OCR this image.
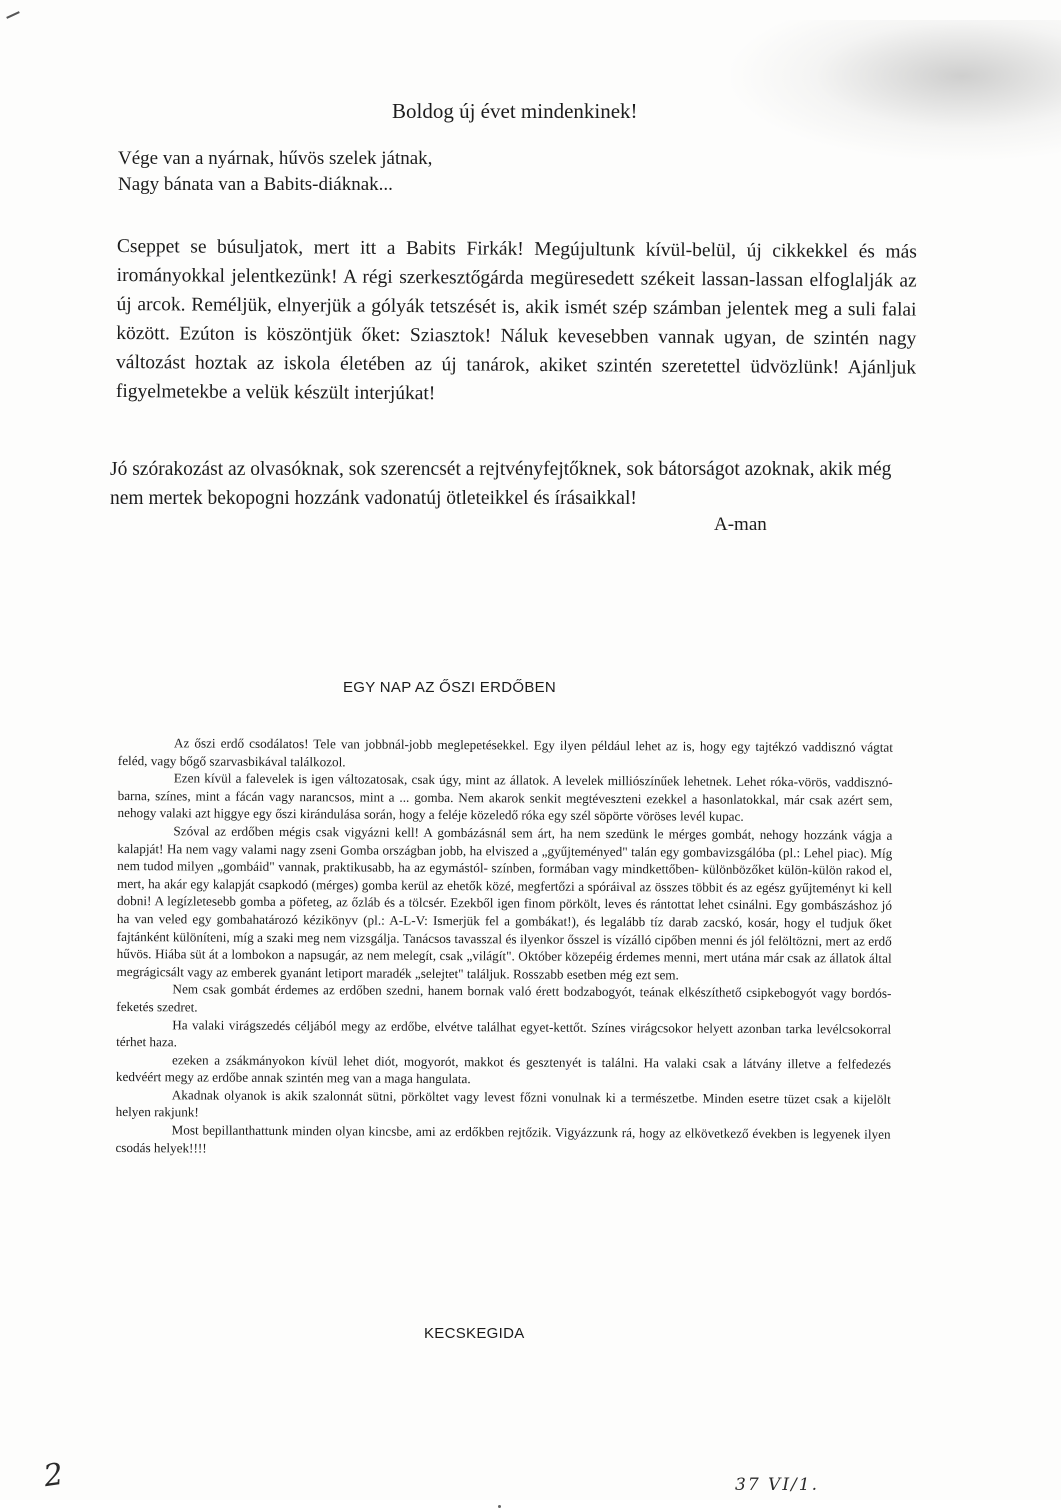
Boldog új évet mindenkinek!
Vége van a nyárnak, hűvös szelek játnak,
Nagy bánata van a Babits-diáknak...
Cseppet se búsuljatok, mert itt a Babits Firkák! Megújultunk kívül-belül, új cikkekkel és más irományokkal jelentkezünk! A régi szerkesztőgárda megüresedett székeit lassan-lassan elfoglalják az új arcok. Reméljük, elnyerjük a gólyák tetszését is, akik ismét szép számban jelentek meg a suli falai között. Ezúton is köszöntjük őket: Sziasztok! Náluk kevesebben vannak ugyan, de szintén nagy változást hoztak az iskola életében az új tanárok, akiket szintén szeretettel üdvözlünk! Ajánljuk figyelmetekbe a velük készült interjúkat!
Jó szórakozást az olvasóknak, sok szerencsét a rejtvényfejtőknek, sok bátorságot azoknak, akik még nem mertek bekopogni hozzánk vadonatúj ötleteikkel és írásaikkal!
A-man
EGY NAP AZ ŐSZI ERDŐBEN

Az őszi erdő csodálatos! Tele van jobbnál-jobb meglepetésekkel. Egy ilyen például lehet az is, hogy egy tajtékzó vaddisznó vágtat feléd, vagy bőgő szarvasbikával találkozol.

Ezen kívül a falevelek is igen változatosak, csak úgy, mint az állatok. A levelek milliószínűek lehetnek. Lehet róka-vörös, vaddisznó-barna, színes, mint a fácán vagy narancsos, mint a ... gomba. Nem akarok senkit megtéveszteni ezekkel a hasonlatokkal, már csak azért sem, nehogy valaki azt higgye egy őszi kirándulása során, hogy a feléje közeledő róka egy szél söpörte vöröses levél kupac.

Szóval az erdőben mégis csak vigyázni kell! A gombázásnál sem árt, ha nem szedünk le mérges gombát, nehogy hozzánk vágja a kalapját! Ha nem vagy valami nagy zseni Gomba országban jobb, ha elviszed a „gyűjteményed" talán egy gombavizsgálóba (pl.: Lehel piac). Míg nem tudod milyen „gombáid" vannak, praktikusabb, ha az egymástól- színben, formában vagy mindkettőben- különbözőket külön-külön rakod el, mert, ha akár egy kalapját csapkodó (mérges) gomba kerül az ehetők közé, megfertőzi a spóráival az összes többit és az egész gyűjteményt ki kell dobni! A legízletesebb gomba a pöfeteg, az őzláb és a tölcsér. Ezekből igen finom pörkölt, leves és rántottat lehet csinálni. Egy gombászáshoz jó ha van veled egy gombahatározó kézikönyv (pl.: A-L-V: Ismerjük fel a gombákat!), és legalább tíz darab zacskó, kosár, hogy el tudjuk őket fajtánként különíteni, míg a szaki meg nem vizsgálja. Tanácsos tavasszal és ilyenkor ősszel is vízálló cipőben menni és jól felöltözni, mert az erdő hűvös. Hiába süt át a lombokon a napsugár, az nem melegít, csak „világít". Október közepéig érdemes menni, mert utána már csak az állatok által megrágicsált vagy az emberek gyanánt letiport maradék „selejtet" találjuk. Rosszabb esetben még ezt sem.

Nem csak gombát érdemes az erdőben szedni, hanem bornak való érett bodzabogyót, teának elkészíthető csipkebogyót vagy bordós-feketés szedret.

Ha valaki virágszedés céljából megy az erdőbe, elvétve találhat egyet-kettőt. Színes virágcsokor helyett azonban tarka levélcsokorral térhet haza.

ezeken a zsákmányokon kívül lehet diót, mogyorót, makkot és gesztenyét is találni. Ha valaki csak a látvány illetve a felfedezés kedvéért megy az erdőbe annak szintén meg van a maga hangulata.

Akadnak olyanok is akik szalonnát sütni, pörköltet vagy levest főzni vonulnak ki a természetbe. Minden esetre tüzet csak a kijelölt helyen rakjunk!

Most bepillanthattunk minden olyan kincsbe, ami az erdőkben rejtőzik. Vigyázzunk rá, hogy az elkövetkező években is legyenek ilyen csodás helyek!!!!

KECSKEGIDA
2	37 VI/1.
